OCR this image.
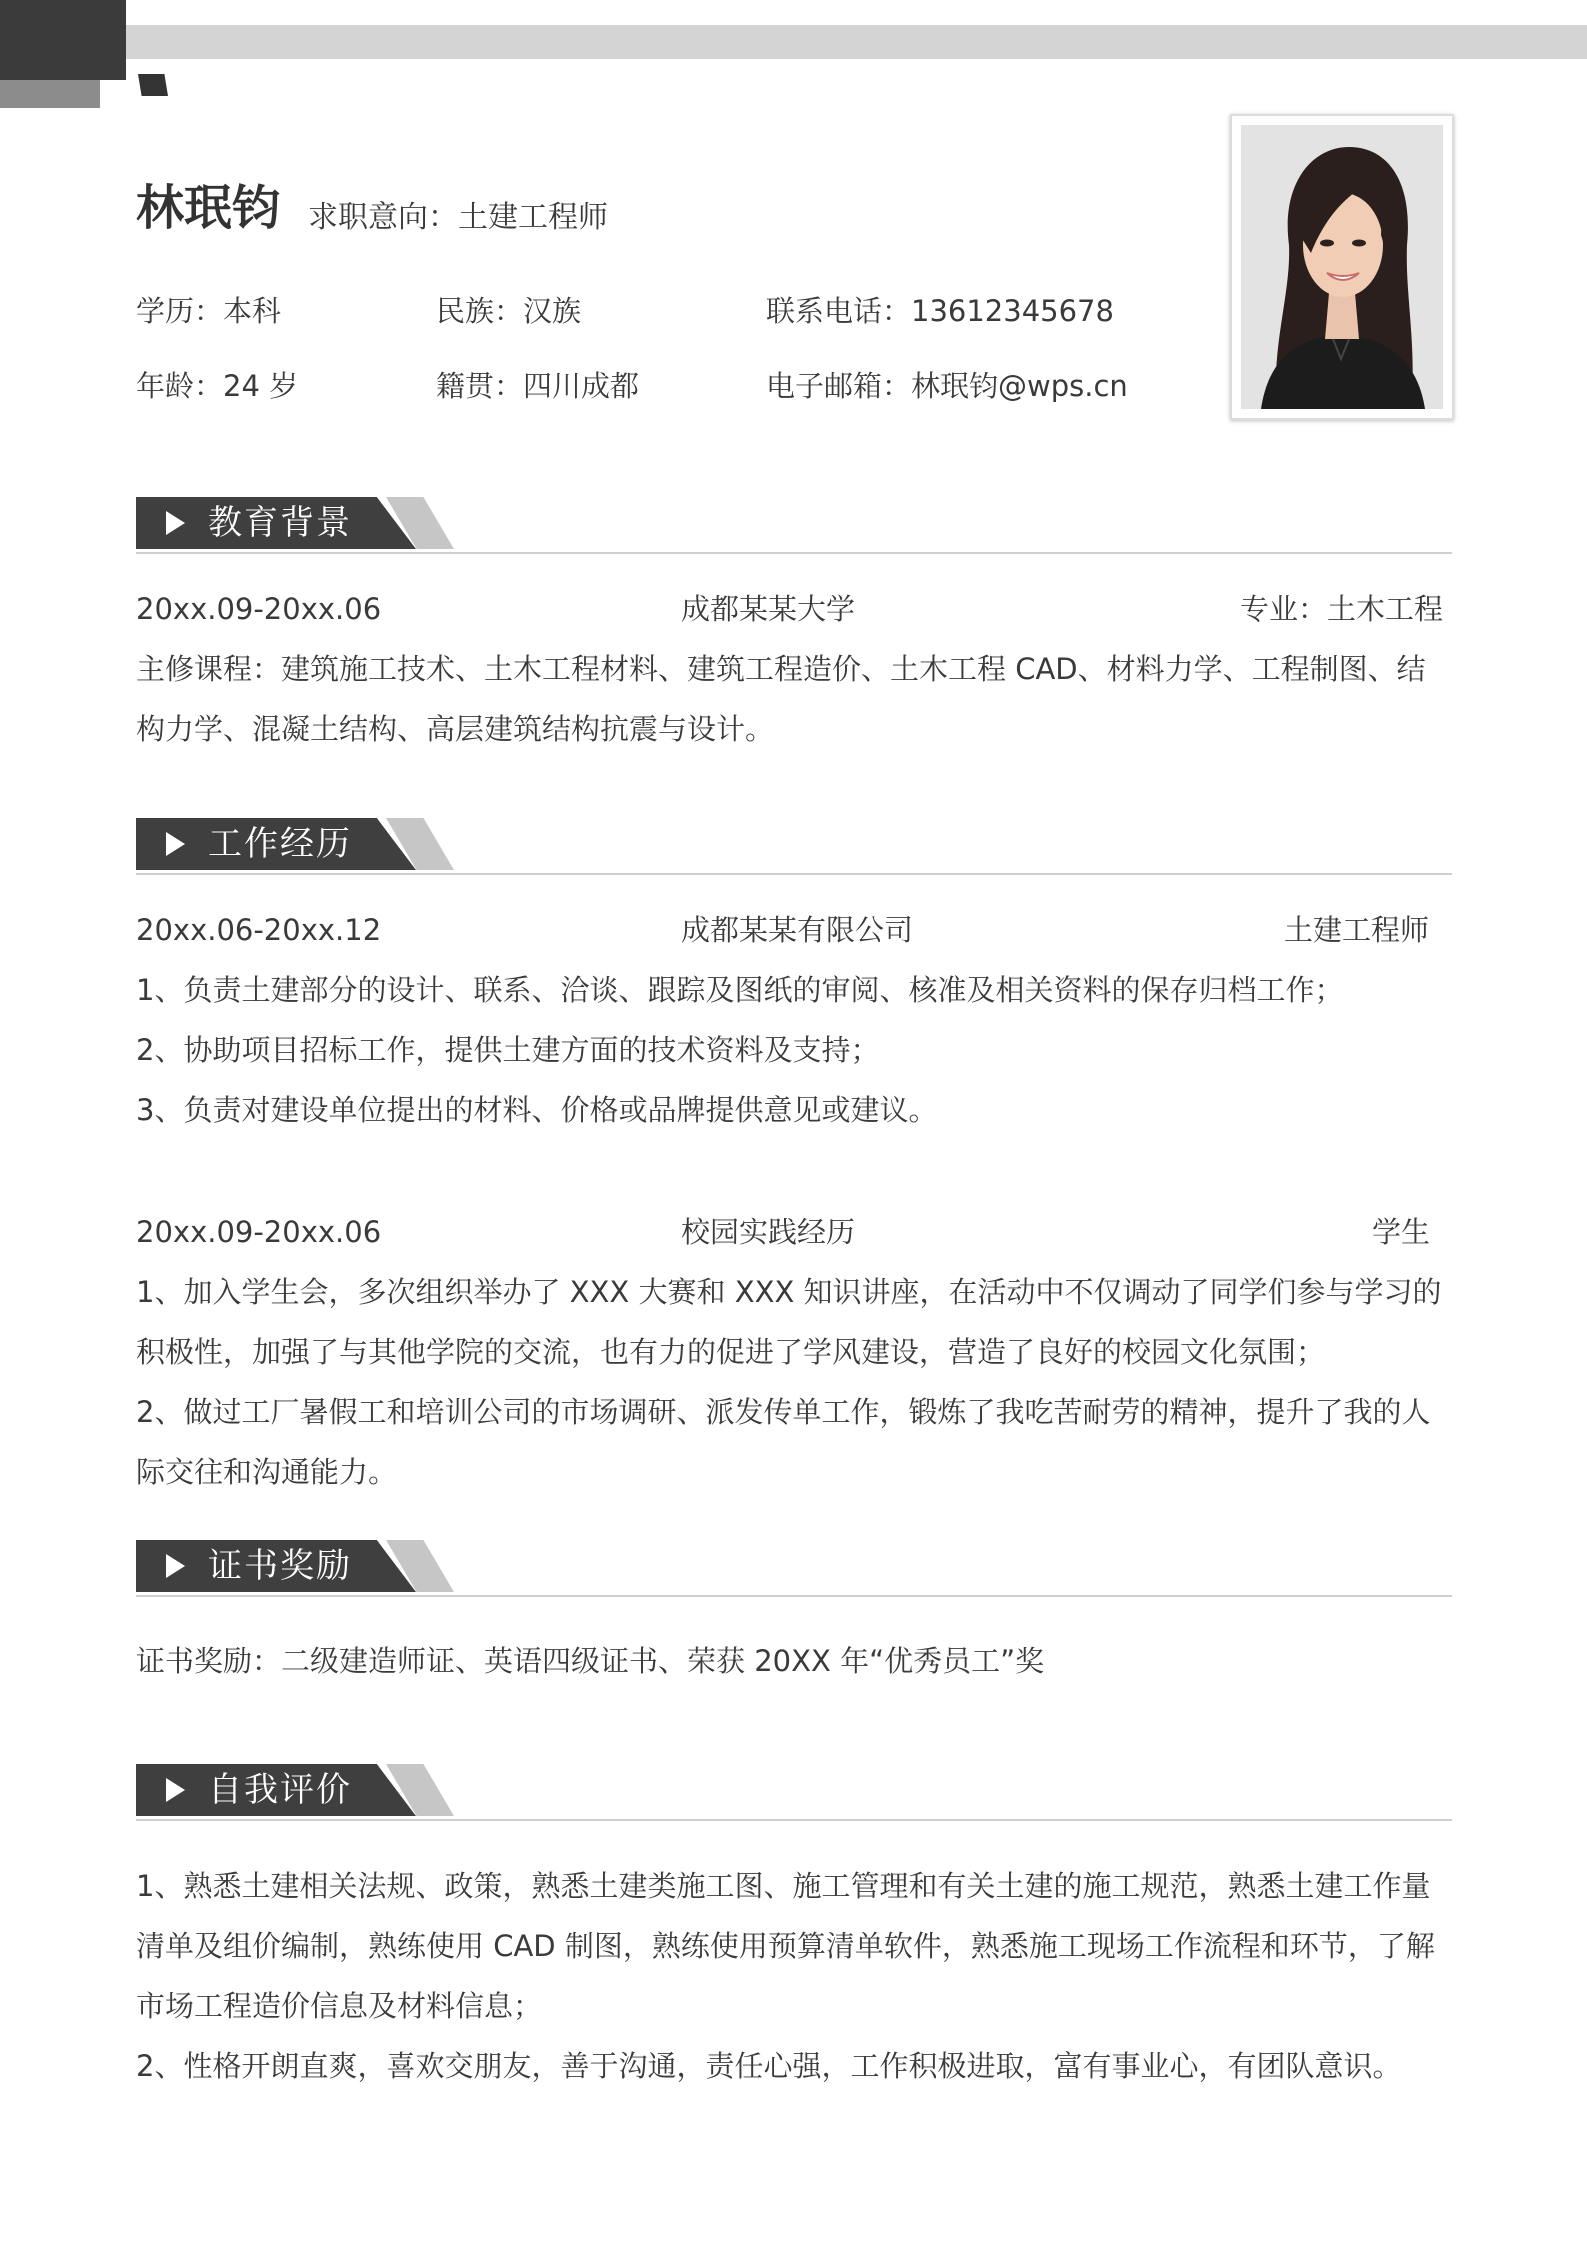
林珉钧 求职意向：土建工程师
学历：本科	民族：汉族	联系电话：13612345678
年龄：24 岁	籍贯：四川成都	电子邮箱：林珉钧@wps.cn
教育背景
20xx.09-20xx.06	成都某某大学	专业：土木工程
主修课程：建筑施工技术、土木工程材料、建筑工程造价、土木工程 CAD、材料力学、工程制图、结构力学、混凝土结构、高层建筑结构抗震与设计。
工作经历
20xx.06-20xx.12	成都某某有限公司	土建工程师
1、负责土建部分的设计、联系、洽谈、跟踪及图纸的审阅、核准及相关资料的保存归档工作；
2、协助项目招标工作，提供土建方面的技术资料及支持；
3、负责对建设单位提出的材料、价格或品牌提供意见或建议。
20xx.09-20xx.06	校园实践经历	学生
1、加入学生会，多次组织举办了 XXX 大赛和 XXX 知识讲座，在活动中不仅调动了同学们参与学习的积极性，加强了与其他学院的交流，也有力的促进了学风建设，营造了良好的校园文化氛围；
2、做过工厂暑假工和培训公司的市场调研、派发传单工作，锻炼了我吃苦耐劳的精神，提升了我的人际交往和沟通能力。
证书奖励
证书奖励：二级建造师证、英语四级证书、荣获 20XX 年“优秀员工”奖
自我评价
1、熟悉土建相关法规、政策，熟悉土建类施工图、施工管理和有关土建的施工规范，熟悉土建工作量清单及组价编制，熟练使用 CAD 制图，熟练使用预算清单软件，熟悉施工现场工作流程和环节，了解市场工程造价信息及材料信息；
2、性格开朗直爽，喜欢交朋友，善于沟通，责任心强，工作积极进取，富有事业心，有团队意识。
